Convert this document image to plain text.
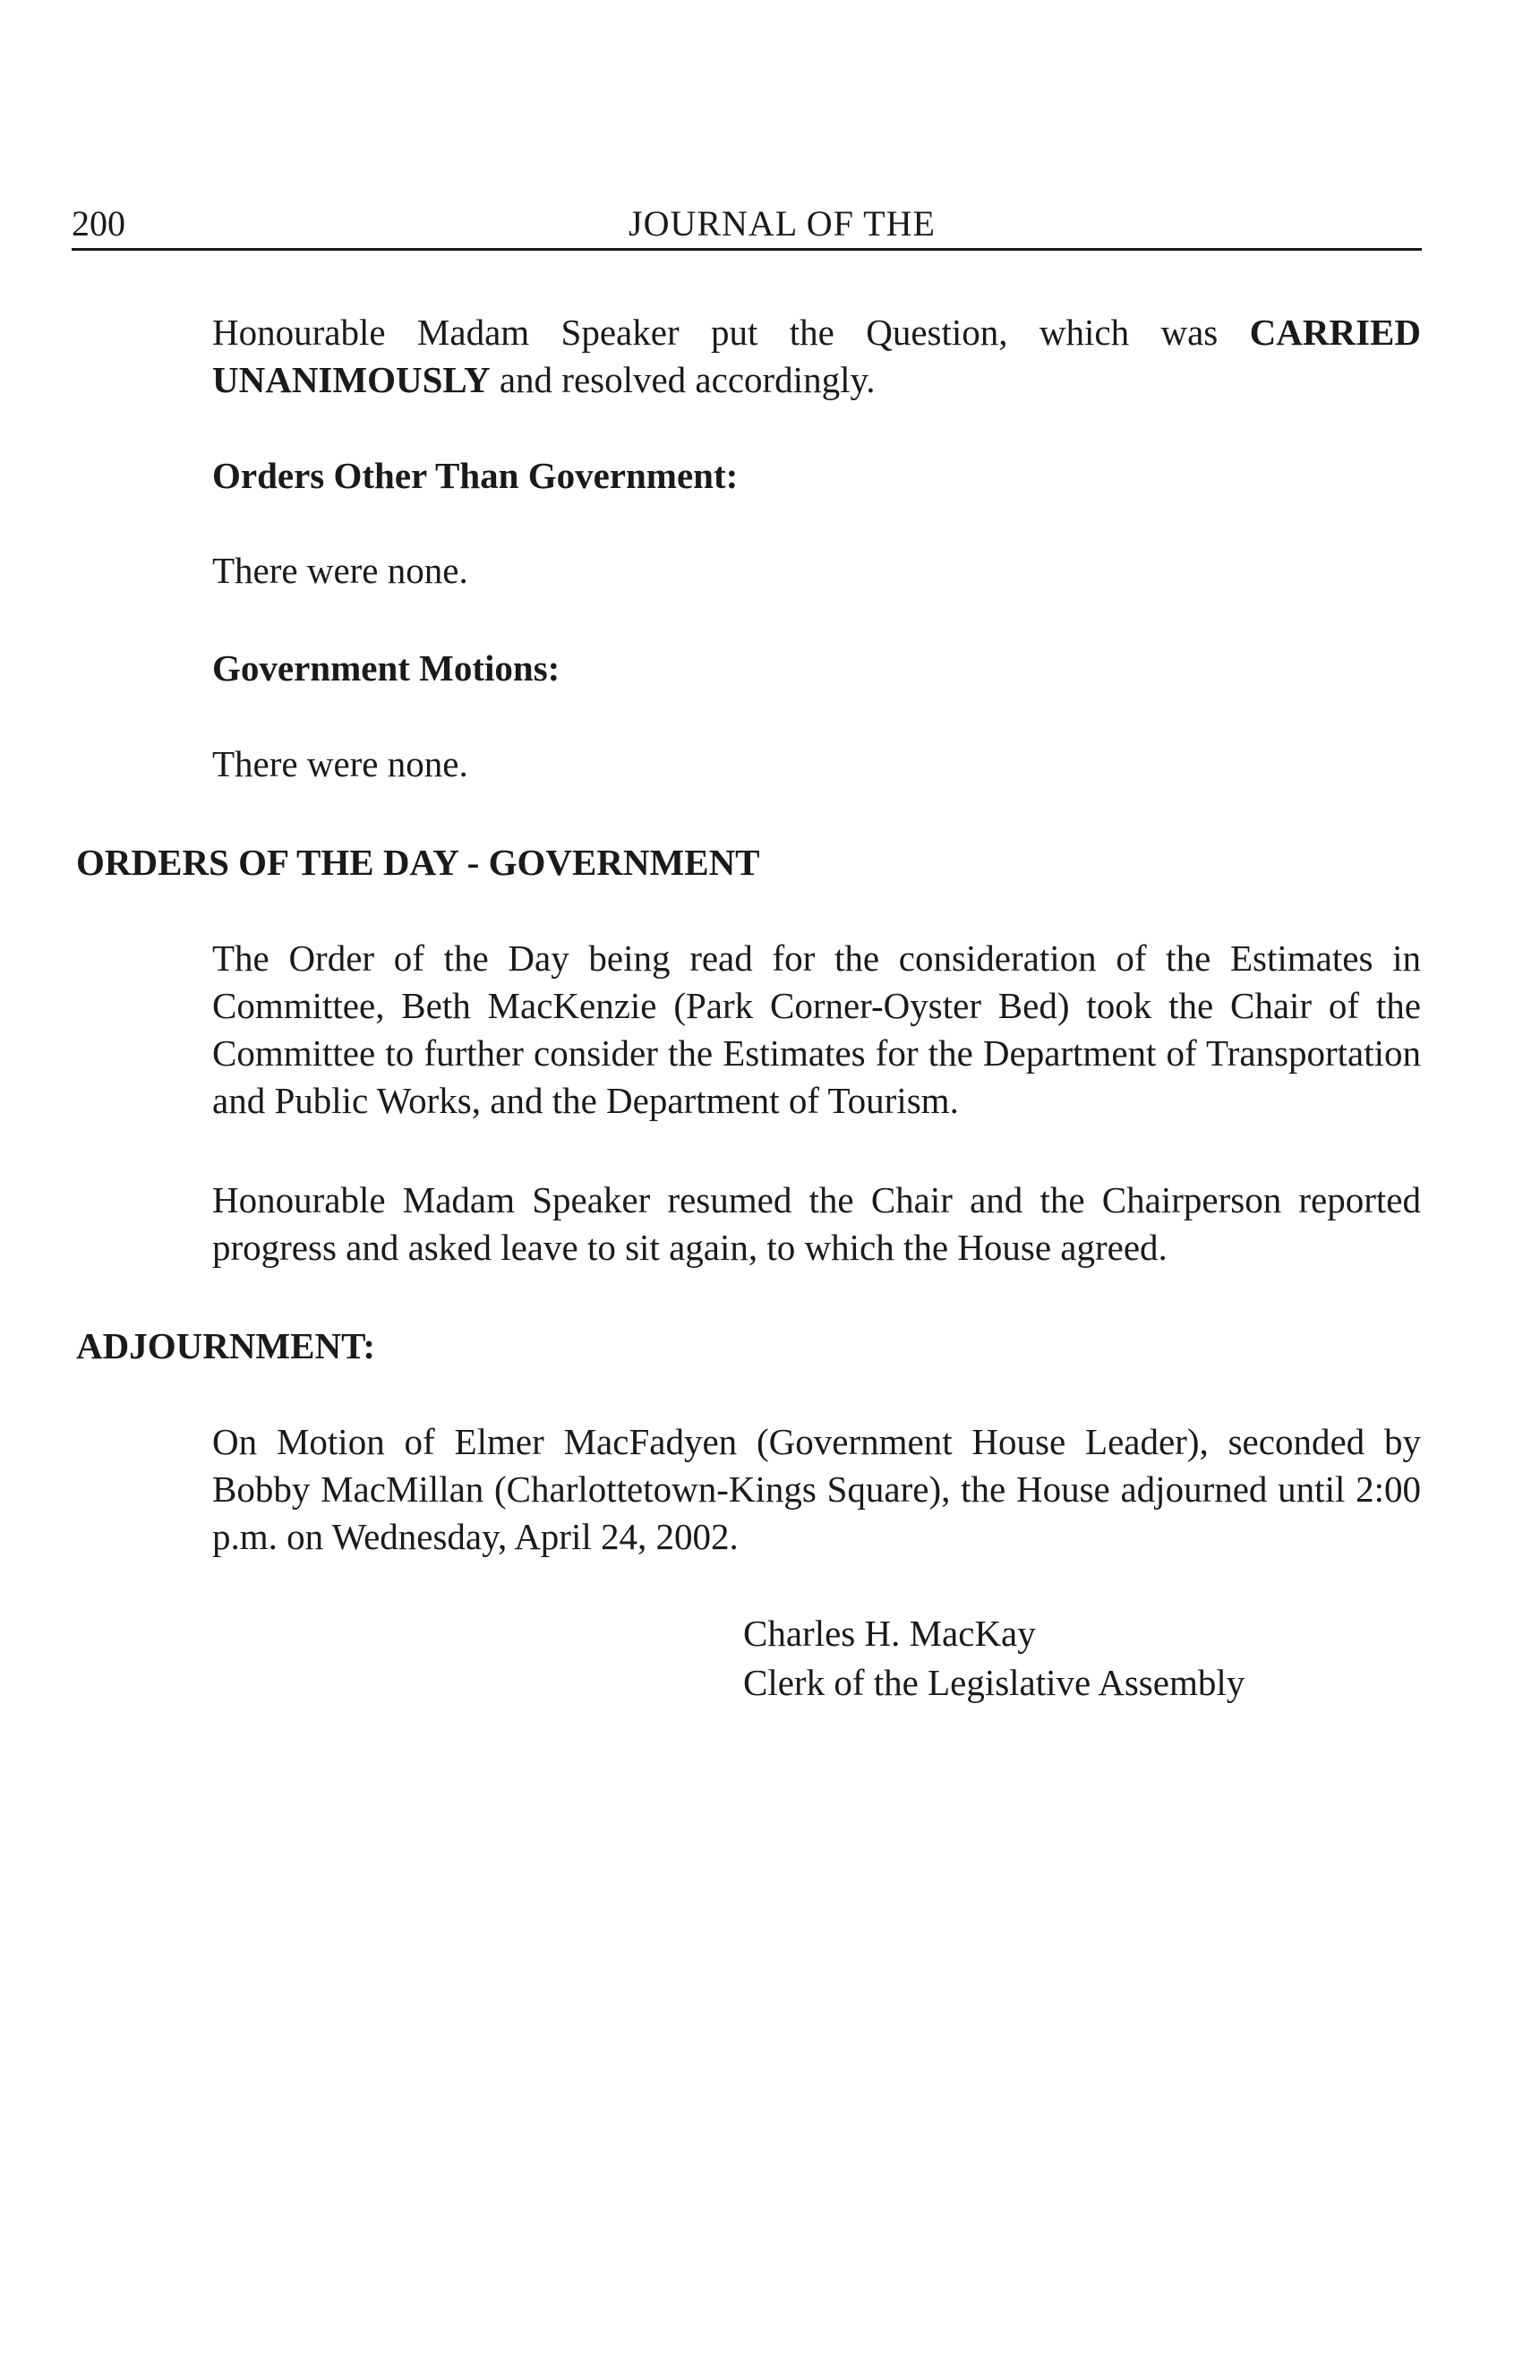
200	JOURNAL OF THE

Honourable Madam Speaker put the Question, which was CARRIED UNANIMOUSLY and resolved accordingly.

Orders Other Than Government:

There were none.

Government Motions:

There were none.

ORDERS OF THE DAY - GOVERNMENT

The Order of the Day being read for the consideration of the Estimates in Committee, Beth MacKenzie (Park Corner-Oyster Bed) took the Chair of the Committee to further consider the Estimates for the Department of Transportation and Public Works, and the Department of Tourism.

Honourable Madam Speaker resumed the Chair and the Chairperson reported progress and asked leave to sit again, to which the House agreed.

ADJOURNMENT:

On Motion of Elmer MacFadyen (Government House Leader), seconded by Bobby MacMillan (Charlottetown-Kings Square), the House adjourned until 2:00 p.m. on Wednesday, April 24, 2002.

Charles H. MacKay
Clerk of the Legislative Assembly
